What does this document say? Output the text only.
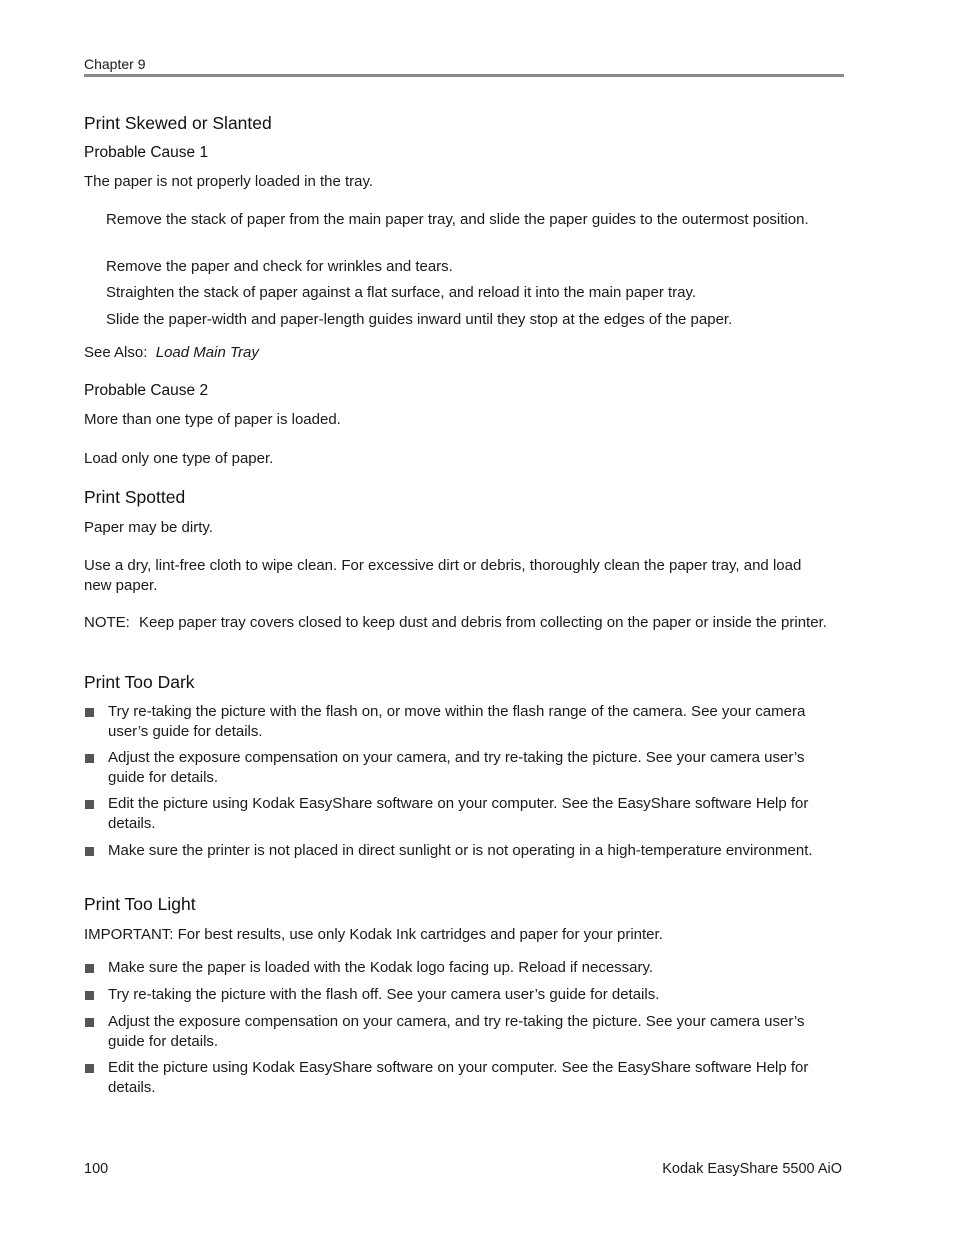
Chapter 9
Print Skewed or Slanted
Probable Cause 1
The paper is not properly loaded in the tray.
Remove the stack of paper from the main paper tray, and slide the paper guides to the outermost position.
Remove the paper and check for wrinkles and tears.
Straighten the stack of paper against a flat surface, and reload it into the main paper tray.
Slide the paper-width and paper-length guides inward until they stop at the edges of the paper.
See Also: Load Main Tray
Probable Cause 2
More than one type of paper is loaded.
Load only one type of paper.
Print Spotted
Paper may be dirty.
Use a dry, lint-free cloth to wipe clean. For excessive dirt or debris, thoroughly clean the paper tray, and load new paper.
NOTE: Keep paper tray covers closed to keep dust and debris from collecting on the paper or inside the printer.
Print Too Dark
Try re-taking the picture with the flash on, or move within the flash range of the camera. See your camera user’s guide for details.
Adjust the exposure compensation on your camera, and try re-taking the picture. See your camera user’s guide for details.
Edit the picture using Kodak EasyShare software on your computer. See the EasyShare software Help for details.
Make sure the printer is not placed in direct sunlight or is not operating in a high-temperature environment.
Print Too Light
IMPORTANT: For best results, use only Kodak Ink cartridges and paper for your printer.
Make sure the paper is loaded with the Kodak logo facing up. Reload if necessary.
Try re-taking the picture with the flash off. See your camera user’s guide for details.
Adjust the exposure compensation on your camera, and try re-taking the picture. See your camera user’s guide for details.
Edit the picture using Kodak EasyShare software on your computer. See the EasyShare software Help for details.
100	Kodak EasyShare 5500 AiO
